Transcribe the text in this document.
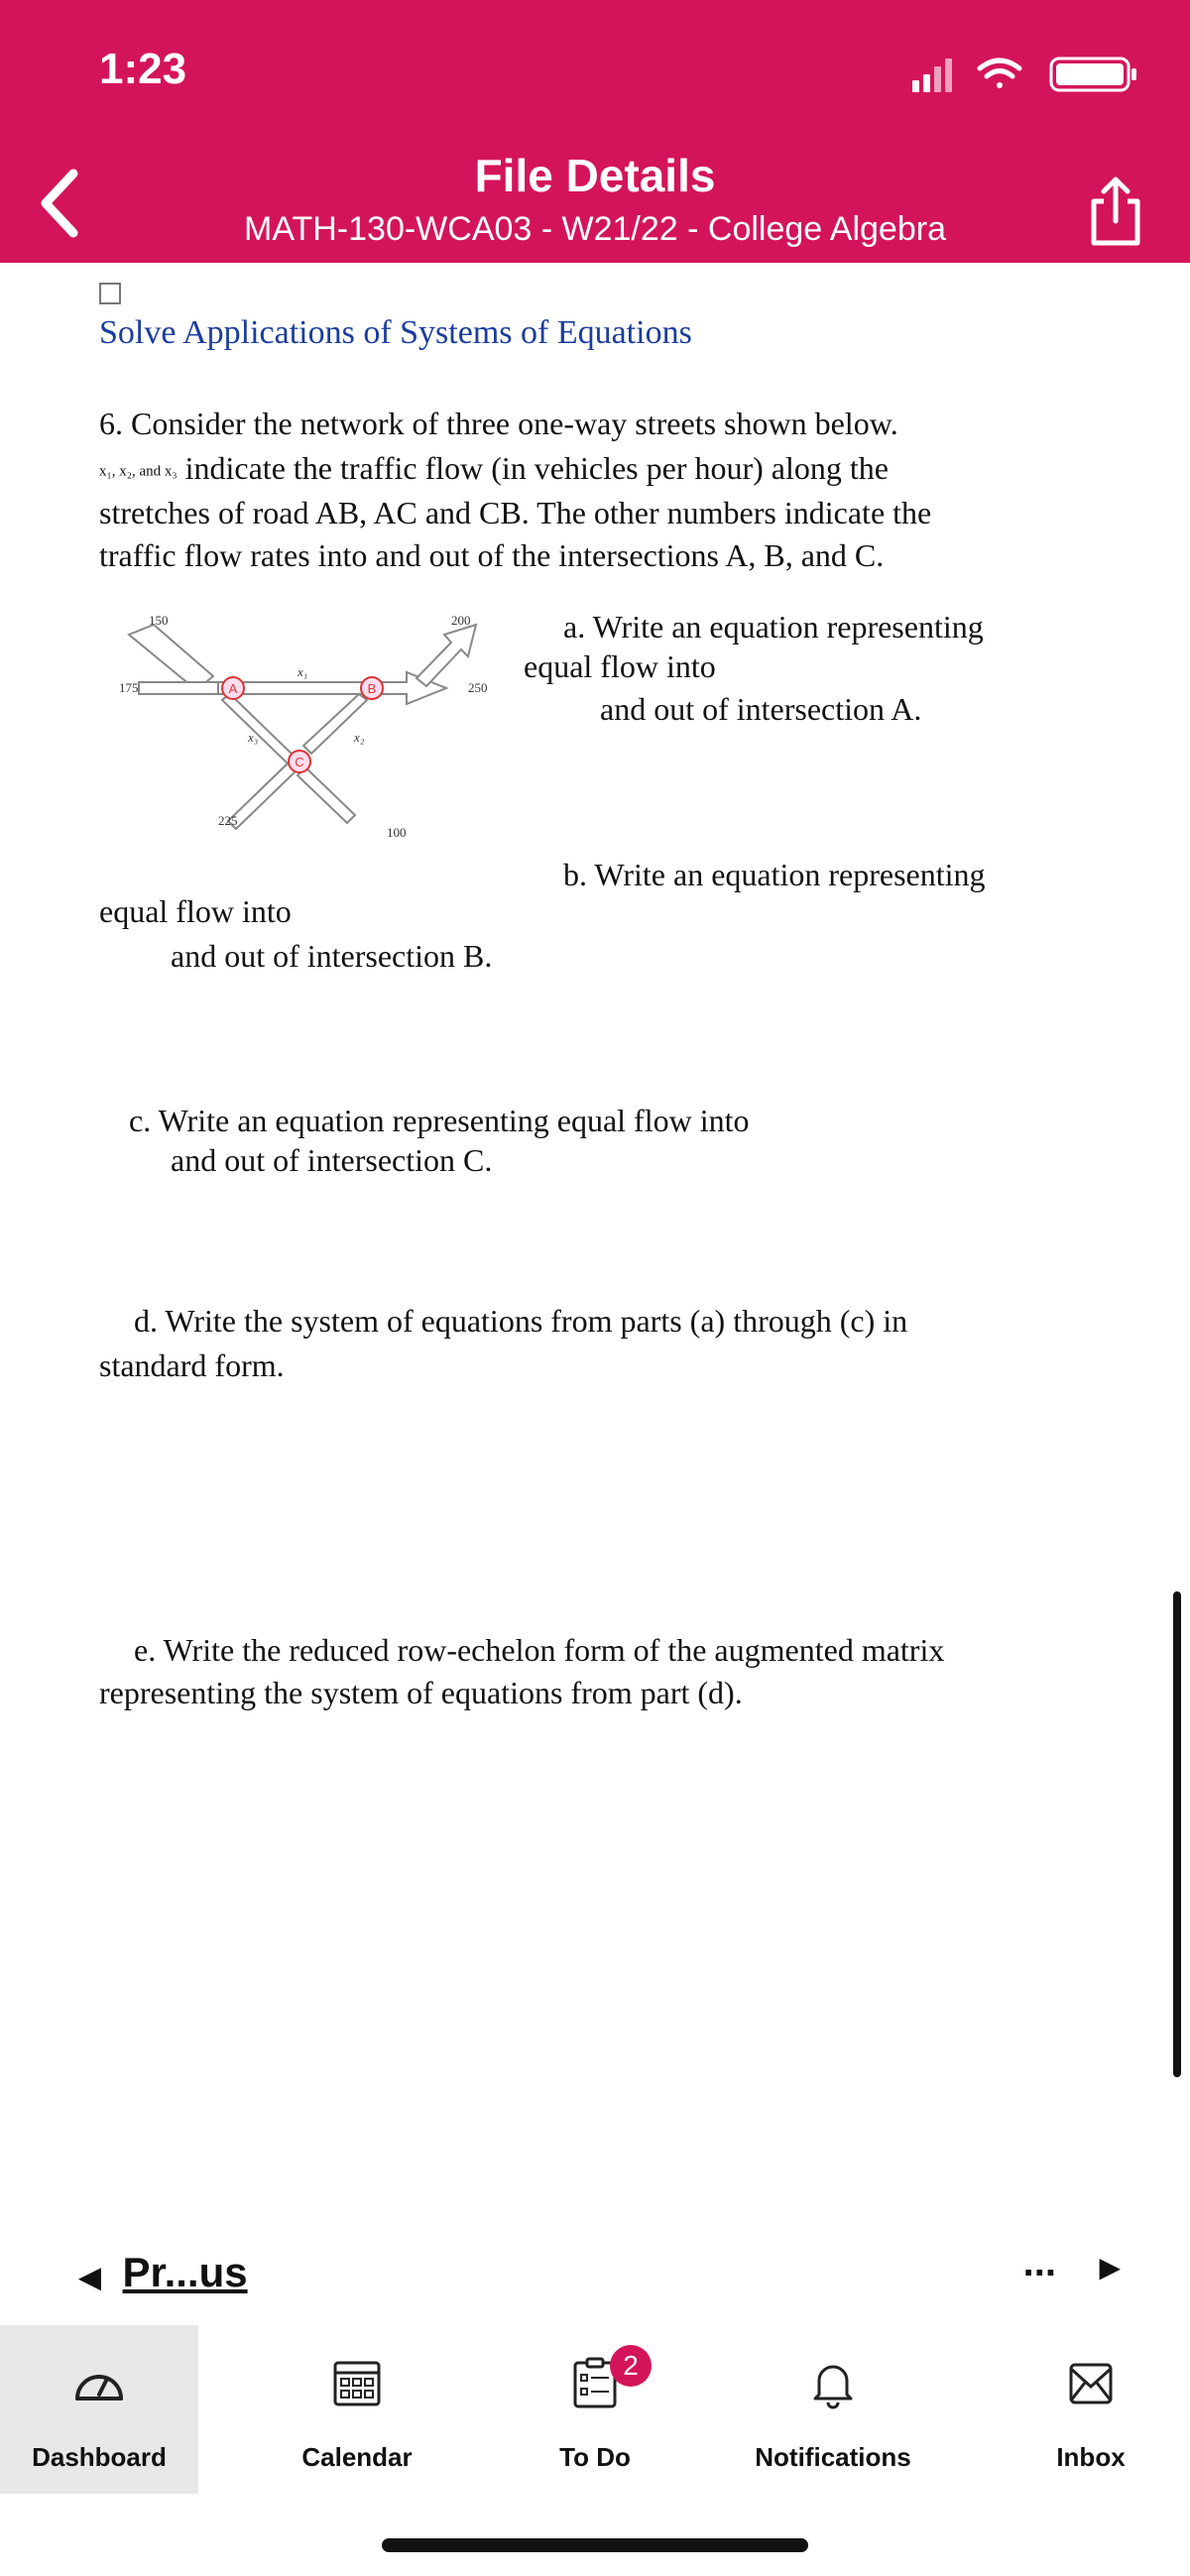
1:23
File Details
MATH-130-WCA03 - W21/22 - College Algebra
Solve Applications of Systems of Equations
6. Consider the network of three one-way streets shown below.
x₁, x₂, and x₃ indicate the traffic flow (in vehicles per hour) along the
stretches of road AB, AC and CB. The other numbers indicate the
traffic flow rates into and out of the intersections A, B, and C.
A	B
C
150
175
200
250
225
100
x₁
x₂
x₃
a. Write an equation representing
equal flow into
and out of intersection A.
b. Write an equation representing
equal flow into
and out of intersection B.
c. Write an equation representing equal flow into
and out of intersection C.
d. Write the system of equations from parts (a) through (c) in
standard form.
e. Write the reduced row-echelon form of the augmented matrix
representing the system of equations from part (d).
◀ Pr...us	... ▶
Dashboard	Calendar
2
To Do	Notifications	Inbox
